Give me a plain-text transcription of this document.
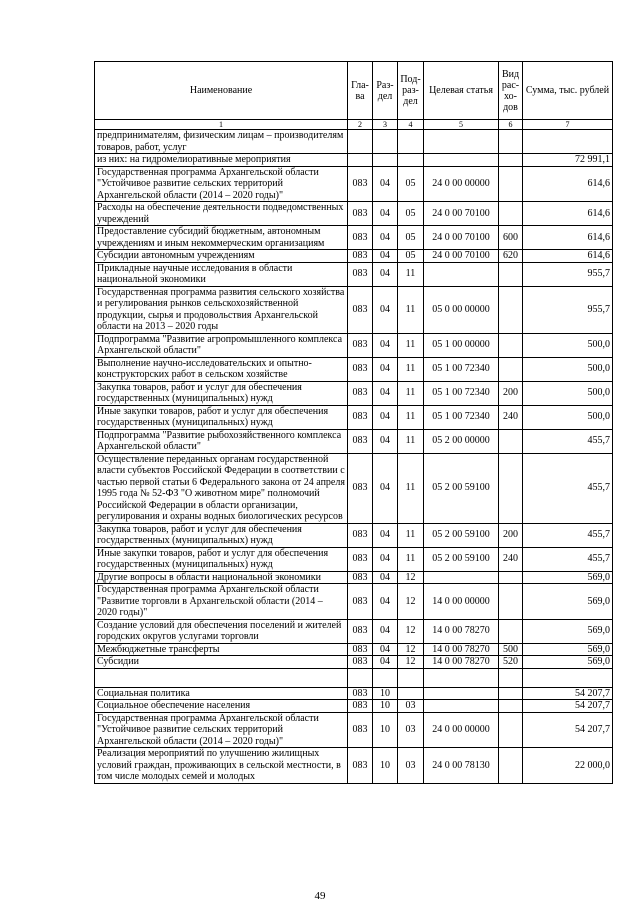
Наименование	Гла-ва	Раз-дел	Под-раз-дел	Целевая статья	Вид рас-хо-дов	Сумма, тыс. рублей
1	2	3	4	5	6	7
предпринимателям, физическим лицам – производителям товаров, работ, услуг						
из них: на гидромелиоративные мероприятия						72 991,1
Государственная программа Архангельской области "Устойчивое развитие сельских территорий Архангельской области (2014 – 2020 годы)"	083	04	05	24 0 00 00000		614,6
Расходы на обеспечение деятельности подведомственных учреждений	083	04	05	24 0 00 70100		614,6
Предоставление субсидий бюджетным, автономным учреждениям и иным некоммерческим организациям	083	04	05	24 0 00 70100	600	614,6
Субсидии автономным учреждениям	083	04	05	24 0 00 70100	620	614,6
Прикладные научные исследования в области национальной экономики	083	04	11			955,7
Государственная программа развития сельского хозяйства и регулирования рынков сельскохозяйственной продукции, сырья и продовольствия Архангельской области на 2013 – 2020 годы	083	04	11	05 0 00 00000		955,7
Подпрограмма "Развитие агропромышленного комплекса Архангельской области"	083	04	11	05 1 00 00000		500,0
Выполнение научно-исследовательских и опытно-конструкторских работ в сельском хозяйстве	083	04	11	05 1 00 72340		500,0
Закупка товаров, работ и услуг для обеспечения государственных (муниципальных) нужд	083	04	11	05 1 00 72340	200	500,0
Иные закупки товаров, работ и услуг для обеспечения государственных (муниципальных) нужд	083	04	11	05 1 00 72340	240	500,0
Подпрограмма "Развитие рыбохозяйственного комплекса Архангельской области"	083	04	11	05 2 00 00000		455,7
Осуществление переданных органам государственной власти субъектов Российской Федерации в соответствии с частью первой статьи 6 Федерального закона от 24 апреля 1995 года № 52-ФЗ "О животном мире" полномочий Российской Федерации в области организации, регулирования и охраны водных биологических ресурсов	083	04	11	05 2 00 59100		455,7
Закупка товаров, работ и услуг для обеспечения государственных (муниципальных) нужд	083	04	11	05 2 00 59100	200	455,7
Иные закупки товаров, работ и услуг для обеспечения государственных (муниципальных) нужд	083	04	11	05 2 00 59100	240	455,7
Другие вопросы в области национальной экономики	083	04	12			569,0
Государственная программа Архангельской области "Развитие торговли в Архангельской области (2014 – 2020 годы)"	083	04	12	14 0 00 00000		569,0
Создание условий для обеспечения поселений и жителей городских округов услугами торговли	083	04	12	14 0 00 78270		569,0
Межбюджетные трансферты	083	04	12	14 0 00 78270	500	569,0
Субсидии	083	04	12	14 0 00 78270	520	569,0

Социальная политика	083	10				54 207,7
Социальное обеспечение населения	083	10	03			54 207,7
Государственная программа Архангельской области "Устойчивое развитие сельских территорий Архангельской области (2014 – 2020 годы)"	083	10	03	24 0 00 00000		54 207,7
Реализация мероприятий по улучшению жилищных условий граждан, проживающих в сельской местности, в том числе молодых семей и молодых	083	10	03	24 0 00 78130		22 000,0
49
